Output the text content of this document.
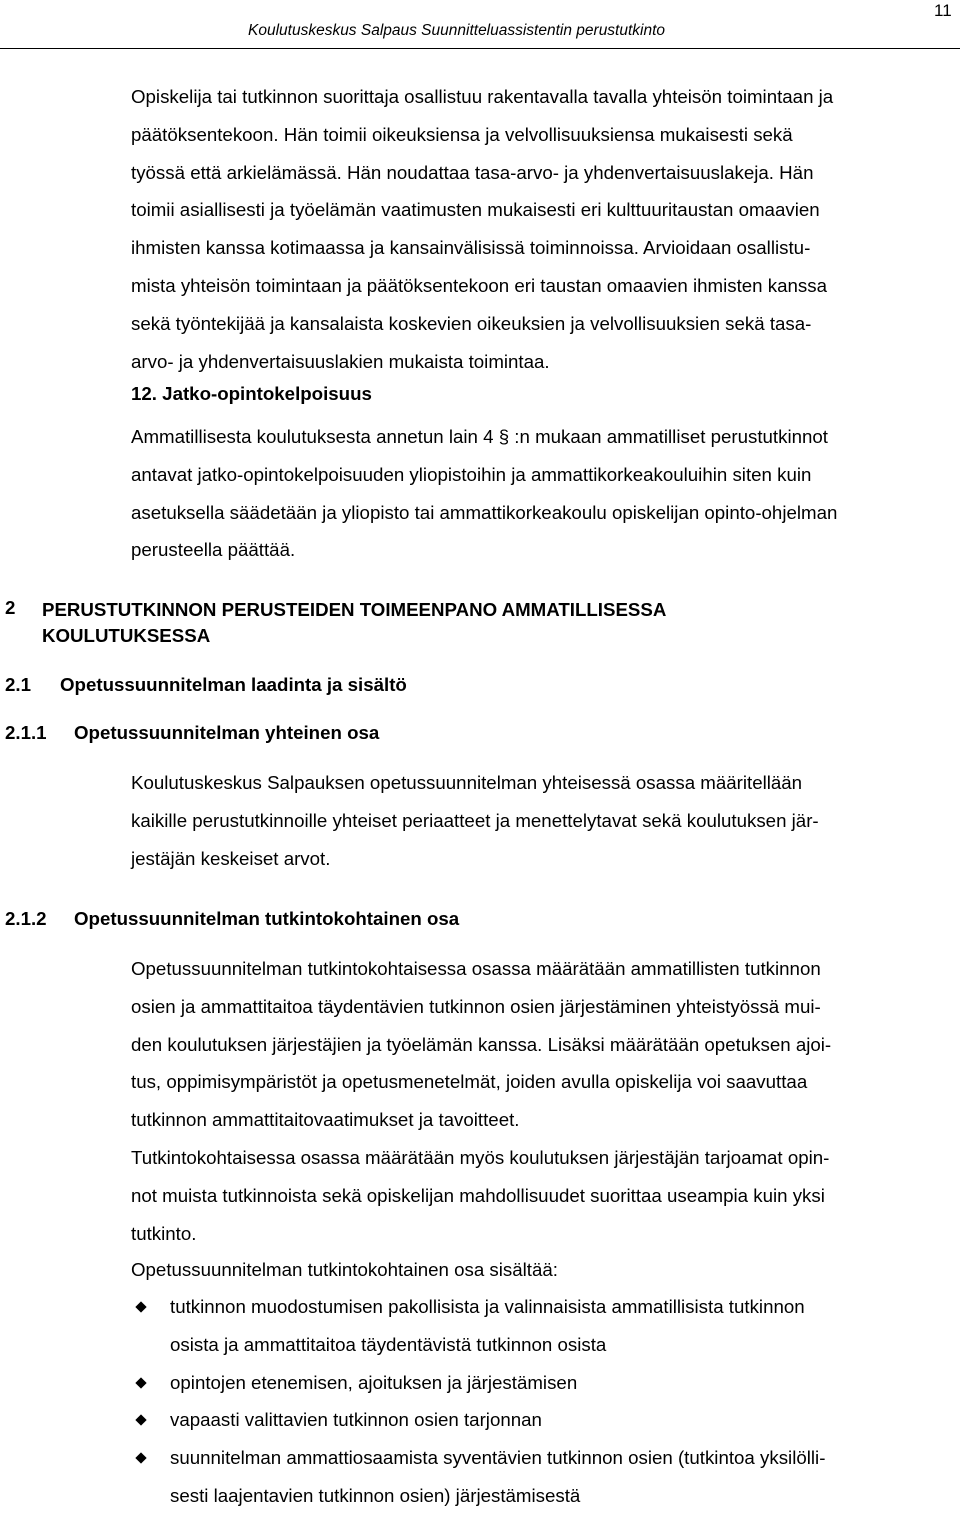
Koulutuskeskus Salpaus Suunnitteluassistentin perustutkinto
11
Opiskelija tai tutkinnon suorittaja osallistuu rakentavalla tavalla yhteisön toimintaan ja
päätöksentekoon. Hän toimii oikeuksiensa ja velvollisuuksiensa mukaisesti sekä
työssä että arkielämässä. Hän noudattaa tasa-arvo- ja yhdenvertaisuuslakeja. Hän
toimii asiallisesti ja työelämän vaatimusten mukaisesti eri kulttuuritaustan omaavien
ihmisten kanssa kotimaassa ja kansainvälisissä toiminnoissa. Arvioidaan osallistu-
mista yhteisön toimintaan ja päätöksentekoon eri taustan omaavien ihmisten kanssa
sekä työntekijää ja kansalaista koskevien oikeuksien ja velvollisuuksien sekä tasa-
arvo- ja yhdenvertaisuuslakien mukaista toimintaa.
12. Jatko-opintokelpoisuus
Ammatillisesta koulutuksesta annetun lain 4 § :n mukaan ammatilliset perustutkinnot
antavat jatko-opintokelpoisuuden yliopistoihin ja ammattikorkeakouluihin siten kuin
asetuksella säädetään ja yliopisto tai ammattikorkeakoulu opiskelijan opinto-ohjelman
perusteella päättää.
2 PERUSTUTKINNON PERUSTEIDEN TOIMEENPANO AMMATILLISESSA
KOULUTUKSESSA
2.1 Opetussuunnitelman laadinta ja sisältö
2.1.1 Opetussuunnitelman yhteinen osa
Koulutuskeskus Salpauksen opetussuunnitelman yhteisessä osassa määritellään
kaikille perustutkinnoille yhteiset periaatteet ja menettelytavat sekä koulutuksen jär-
jestäjän keskeiset arvot.
2.1.2 Opetussuunnitelman tutkintokohtainen osa
Opetussuunnitelman tutkintokohtaisessa osassa määrätään ammatillisten tutkinnon
osien ja ammattitaitoa täydentävien tutkinnon osien järjestäminen yhteistyössä mui-
den koulutuksen järjestäjien ja työelämän kanssa. Lisäksi määrätään opetuksen ajoi-
tus, oppimisympäristöt ja opetusmenetelmät, joiden avulla opiskelija voi saavuttaa
tutkinnon ammattitaitovaatimukset ja tavoitteet.
Tutkintokohtaisessa osassa määrätään myös koulutuksen järjestäjän tarjoamat opin-
not muista tutkinnoista sekä opiskelijan mahdollisuudet suorittaa useampia kuin yksi
tutkinto.
Opetussuunnitelman tutkintokohtainen osa sisältää:
tutkinnon muodostumisen pakollisista ja valinnaisista ammatillisista tutkinnon
osista ja ammattitaitoa täydentävistä tutkinnon osista
opintojen etenemisen, ajoituksen ja järjestämisen
vapaasti valittavien tutkinnon osien tarjonnan
suunnitelman ammattiosaamista syventävien tutkinnon osien (tutkintoa yksilölli-
sesti laajentavien tutkinnon osien) järjestämisestä
